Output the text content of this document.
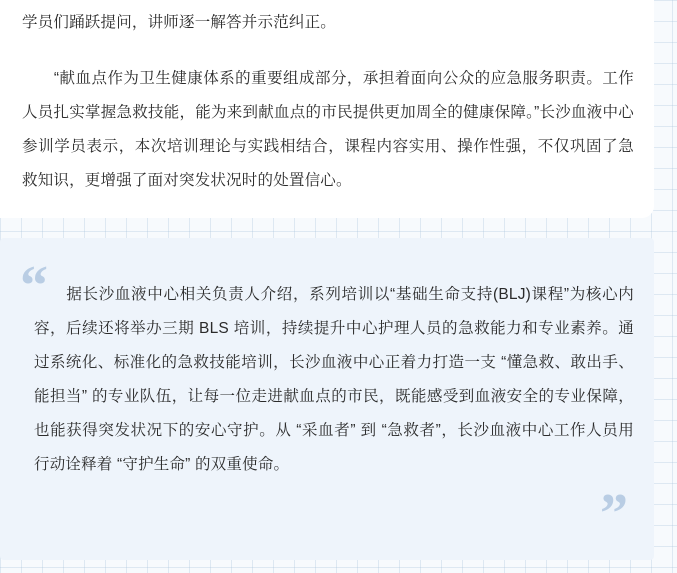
学员们踊跃提问，讲师逐一解答并示范纠正。
　　“献血点作为卫生健康体系的重要组成部分，承担着面向公众的应急服务职责。工作人员扎实掌握急救技能，能为来到献血点的市民提供更加周全的健康保障。”长沙血液中心参训学员表示，本次培训理论与实践相结合，课程内容实用、操作性强，不仅巩固了急救知识，更增强了面对突发状况时的处置信心。
“
　　据长沙血液中心相关负责人介绍，系列培训以“基础生命支持(BLJ)课程”为核心内容，后续还将举办三期 BLS 培训，持续提升中心护理人员的急救能力和专业素养。通过系统化、标准化的急救技能培训，长沙血液中心正着力打造一支 “懂急救、敢出手、能担当” 的专业队伍，让每一位走进献血点的市民，既能感受到血液安全的专业保障，也能获得突发状况下的安心守护。从 “采血者” 到 “急救者”，长沙血液中心工作人员用行动诠释着 “守护生命” 的双重使命。
”
